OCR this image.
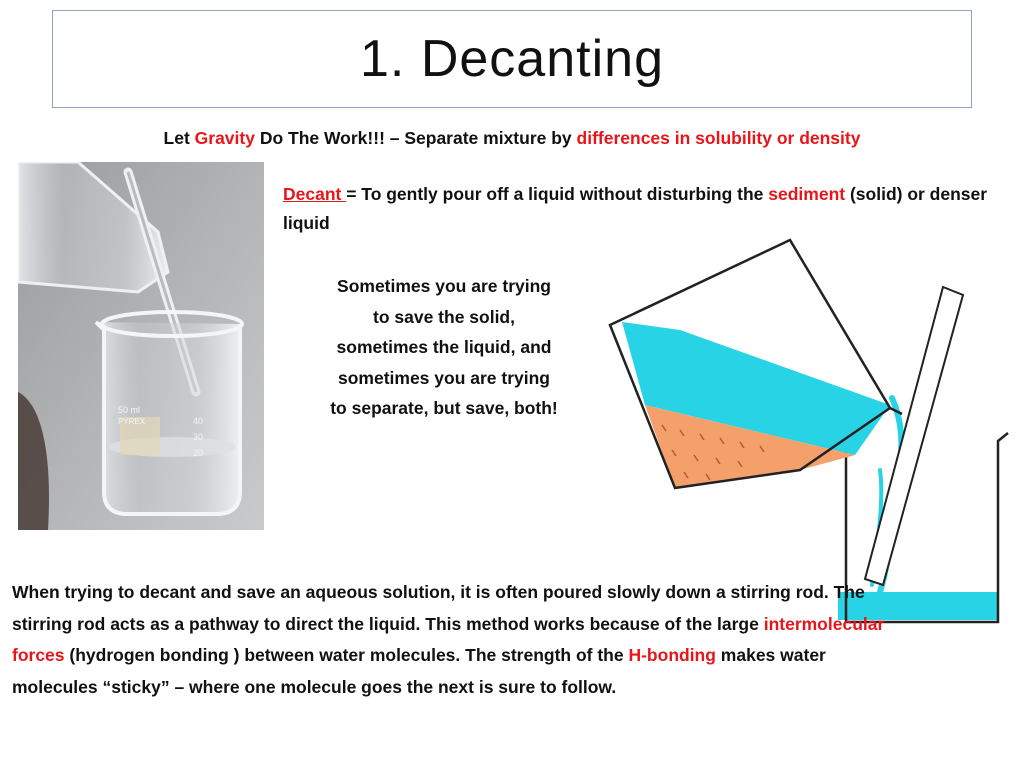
1. Decanting
Let Gravity Do The Work!!! – Separate mixture by differences in solubility or density
50 ml
PYREX	40
30
20
Decant = To gently pour off a liquid without disturbing the sediment (solid) or denser liquid
Sometimes you are trying to save the solid, sometimes the liquid, and sometimes you are trying to separate, but save, both!
When trying to decant and save an aqueous solution, it is often poured slowly down a stirring rod. The stirring rod acts as a pathway to direct the liquid. This method works because of the large intermolecular forces (hydrogen bonding ) between water molecules. The strength of the H-bonding makes water molecules “sticky” – where one molecule goes the next is sure to follow.
